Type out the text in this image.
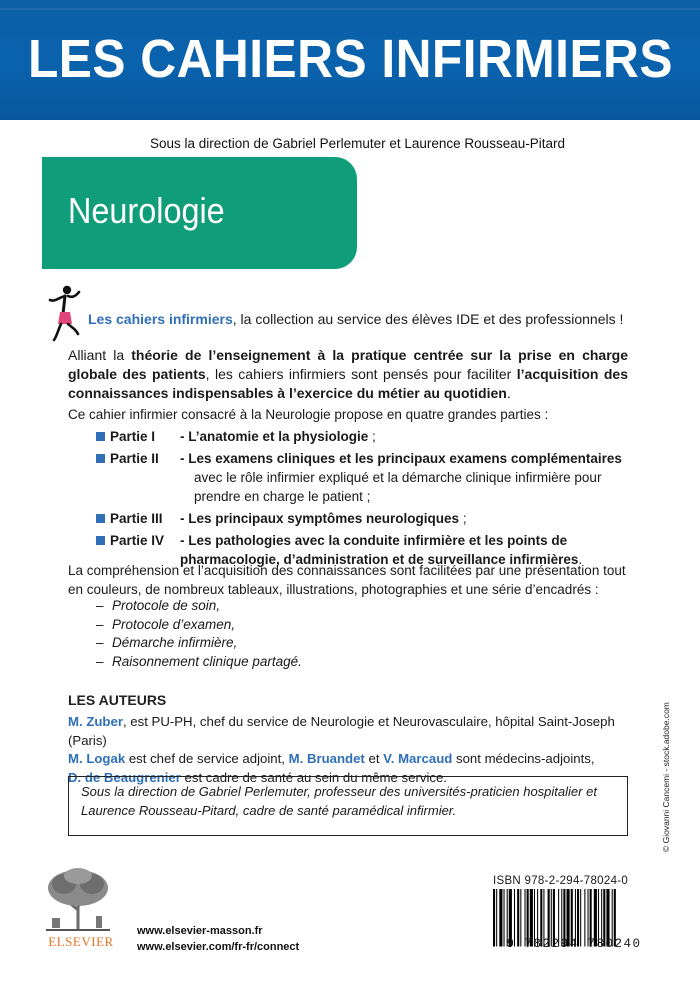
LES CAHIERS INFIRMIERS
Sous la direction de Gabriel Perlemuter et Laurence Rousseau-Pitard
Neurologie
Les cahiers infirmiers, la collection au service des élèves IDE et des professionnels !
Alliant la théorie de l’enseignement à la pratique centrée sur la prise en charge globale des patients, les cahiers infirmiers sont pensés pour faciliter l’acquisition des connaissances indispensables à l’exercice du métier au quotidien.
Ce cahier infirmier consacré à la Neurologie propose en quatre grandes parties :
Partie I - L’anatomie et la physiologie ;
Partie II - Les examens cliniques et les principaux examens complémentaires
avec le rôle infirmier expliqué et la démarche clinique infirmière pour prendre en charge le patient ;
Partie III - Les principaux symptômes neurologiques ;
Partie IV	- Les pathologies avec la conduite infirmière et les points de pharmacologie, d’administration et de surveillance infirmières.
La compréhension et l’acquisition des connaissances sont facilitées par une présentation tout en couleurs, de nombreux tableaux, illustrations, photographies et une série d’encadrés :
– Protocole de soin,
– Protocole d’examen,
– Démarche infirmière,
– Raisonnement clinique partagé.
LES AUTEURS
M. Zuber, est PU-PH, chef du service de Neurologie et Neurovasculaire, hôpital Saint-Joseph (Paris)
M. Logak est chef de service adjoint, M. Bruandet et V. Marcaud sont médecins-adjoints,
D. de Beaugrenier est cadre de santé au sein du même service.
Sous la direction de Gabriel Perlemuter, professeur des universités-praticien hospitalier et Laurence Rousseau-Pitard, cadre de santé paramédical infirmier.	© Giovanni Cancemi - stock.adobe.com
ELSEVIER
www.elsevier-masson.fr
www.elsevier.com/fr-fr/connect
ISBN 978-2-294-78024-0
9 782294 780240
